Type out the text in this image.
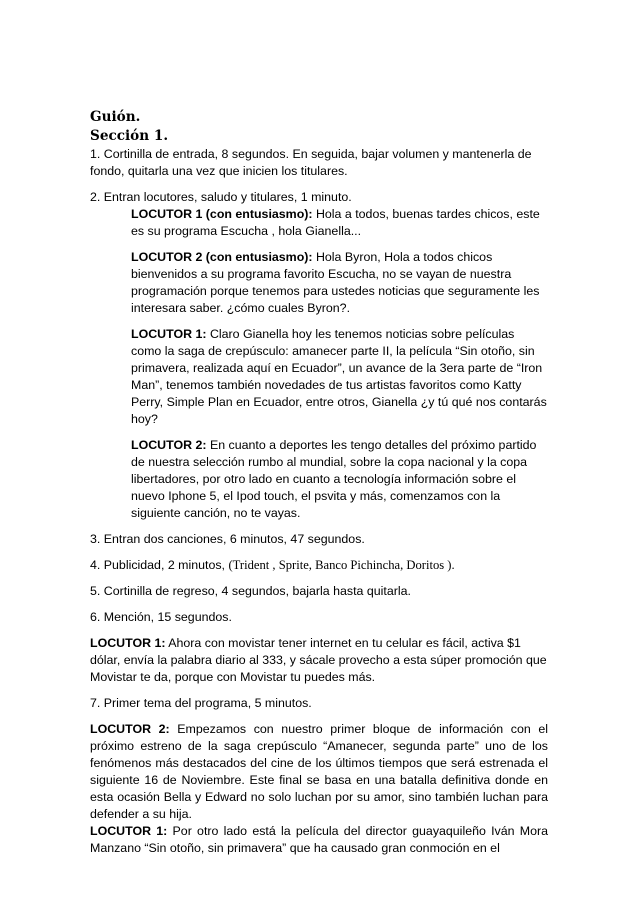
Guión.

Sección 1.

1. Cortinilla de entrada, 8 segundos. En seguida, bajar volumen y mantenerla de fondo, quitarla una vez que inicien los titulares.

2. Entran locutores, saludo y titulares, 1 minuto.

LOCUTOR 1 (con entusiasmo): Hola a todos, buenas tardes chicos, este es su programa Escucha , hola Gianella...

LOCUTOR 2 (con entusiasmo): Hola Byron, Hola a todos chicos bienvenidos a su programa favorito Escucha, no se vayan de nuestra programación porque tenemos para ustedes noticias que seguramente les interesara saber. ¿cómo cuales Byron?.

LOCUTOR 1: Claro Gianella hoy les tenemos noticias sobre películas como la saga de crepúsculo: amanecer parte II, la película “Sin otoño, sin primavera, realizada aquí en Ecuador”, un avance de la 3era parte de “Iron Man”, tenemos también novedades de tus artistas favoritos como Katty Perry, Simple Plan en Ecuador, entre otros, Gianella ¿y tú qué nos contarás hoy?

LOCUTOR 2: En cuanto a deportes les tengo detalles del próximo partido de nuestra selección rumbo al mundial, sobre la copa nacional y la copa libertadores, por otro lado en cuanto a tecnología información sobre el nuevo Iphone 5, el Ipod touch, el psvita y más, comenzamos con la siguiente canción, no te vayas.

3. Entran dos canciones, 6 minutos, 47 segundos.

4. Publicidad, 2 minutos, (Trident , Sprite, Banco Pichincha, Doritos ).

5. Cortinilla de regreso, 4 segundos, bajarla hasta quitarla.

6. Mención, 15 segundos.

LOCUTOR 1: Ahora con movistar tener internet en tu celular es fácil, activa $1 dólar, envía la palabra diario al 333, y sácale provecho a esta súper promoción que Movistar te da, porque con Movistar tu puedes más.

7. Primer tema del programa, 5 minutos.

LOCUTOR 2: Empezamos con nuestro primer bloque de información con el próximo estreno de la saga crepúsculo “Amanecer, segunda parte” uno de los fenómenos más destacados del cine de los últimos tiempos que será estrenada el siguiente 16 de Noviembre. Este final se basa en una batalla definitiva donde en esta ocasión Bella y Edward no solo luchan por su amor, sino también luchan para defender a su hija.

LOCUTOR 1: Por otro lado está la película del director guayaquileño Iván Mora Manzano “Sin otoño, sin primavera” que ha causado gran conmoción en el
